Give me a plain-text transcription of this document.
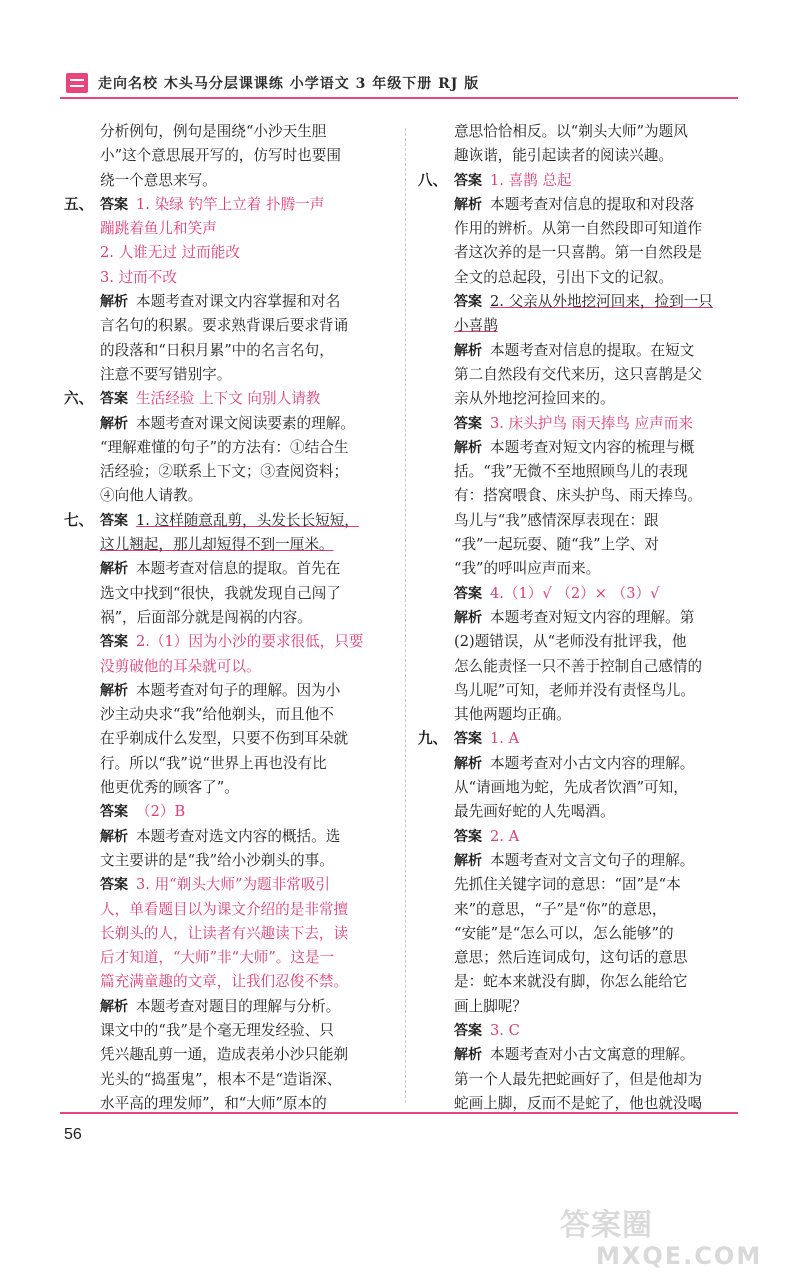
走向名校 木头马分层课课练 小学语文 3 年级下册 RJ 版
分析例句，例句是围绕“小沙天生胆
小”这个意思展开写的，仿写时也要围
绕一个意思来写。
五、 答案 1. 染绿 钓竿上立着 扑腾一声
蹦跳着鱼儿和笑声
2. 人谁无过 过而能改
3. 过而不改
解析 本题考查对课文内容掌握和对名
言名句的积累。要求熟背课后要求背诵
的段落和“日积月累”中的名言名句，
注意不要写错别字。
六、 答案 生活经验 上下文 向别人请教
解析 本题考查对课文阅读要素的理解。
“理解难懂的句子”的方法有：①结合生
活经验；②联系上下文；③查阅资料；
④向他人请教。
七、 答案 1. 这样随意乱剪，头发长长短短，
这儿翘起，那儿却短得不到一厘米。
解析 本题考查对信息的提取。首先在
选文中找到“很快，我就发现自己闯了
祸”，后面部分就是闯祸的内容。
答案 2.（1）因为小沙的要求很低，只要
没剪破他的耳朵就可以。
解析 本题考查对句子的理解。因为小
沙主动央求“我”给他剃头，而且他不
在乎剃成什么发型，只要不伤到耳朵就
行。所以“我”说“世界上再也没有比
他更优秀的顾客了”。
答案 （2）B
解析 本题考查对选文内容的概括。选
文主要讲的是“我”给小沙剃头的事。
答案 3. 用“剃头大师”为题非常吸引
人，单看题目以为课文介绍的是非常擅
长剃头的人，让读者有兴趣读下去，读
后才知道，“大师”非“大师”。这是一
篇充满童趣的文章，让我们忍俊不禁。
解析 本题考查对题目的理解与分析。
课文中的“我”是个毫无理发经验、只
凭兴趣乱剪一通，造成表弟小沙只能剃
光头的“捣蛋鬼”，根本不是“造诣深、
水平高的理发师”，和“大师”原本的
意思恰恰相反。以“剃头大师”为题风
趣诙谐，能引起读者的阅读兴趣。
八、 答案 1. 喜鹊 总起
解析 本题考查对信息的提取和对段落
作用的辨析。从第一自然段即可知道作
者这次养的是一只喜鹊。第一自然段是
全文的总起段，引出下文的记叙。
答案 2. 父亲从外地挖河回来，捡到一只
小喜鹊
解析 本题考查对信息的提取。在短文
第二自然段有交代来历，这只喜鹊是父
亲从外地挖河捡回来的。
答案 3. 床头护鸟 雨天捧鸟 应声而来
解析 本题考查对短文内容的梳理与概
括。“我”无微不至地照顾鸟儿的表现
有：搭窝喂食、床头护鸟、雨天捧鸟。
鸟儿与“我”感情深厚表现在：跟
“我”一起玩耍、随“我”上学、对
“我”的呼叫应声而来。
答案 4.（1）√ （2）× （3）√
解析 本题考查对短文内容的理解。第
(2)题错误，从“老师没有批评我，他
怎么能责怪一只不善于控制自己感情的
鸟儿呢”可知，老师并没有责怪鸟儿。
其他两题均正确。
九、 答案 1. A
解析 本题考查对小古文内容的理解。
从“请画地为蛇，先成者饮酒”可知，
最先画好蛇的人先喝酒。
答案 2. A
解析 本题考查对文言文句子的理解。
先抓住关键字词的意思：“固”是“本
来”的意思，“子”是“你”的意思，
“安能”是“怎么可以，怎么能够”的
意思；然后连词成句，这句话的意思
是：蛇本来就没有脚，你怎么能给它
画上脚呢？
答案 3. C
解析 本题考查对小古文寓意的理解。
第一个人最先把蛇画好了，但是他却为
蛇画上脚，反而不是蛇了，他也就没喝
56
答案圈
MXQE.COM
